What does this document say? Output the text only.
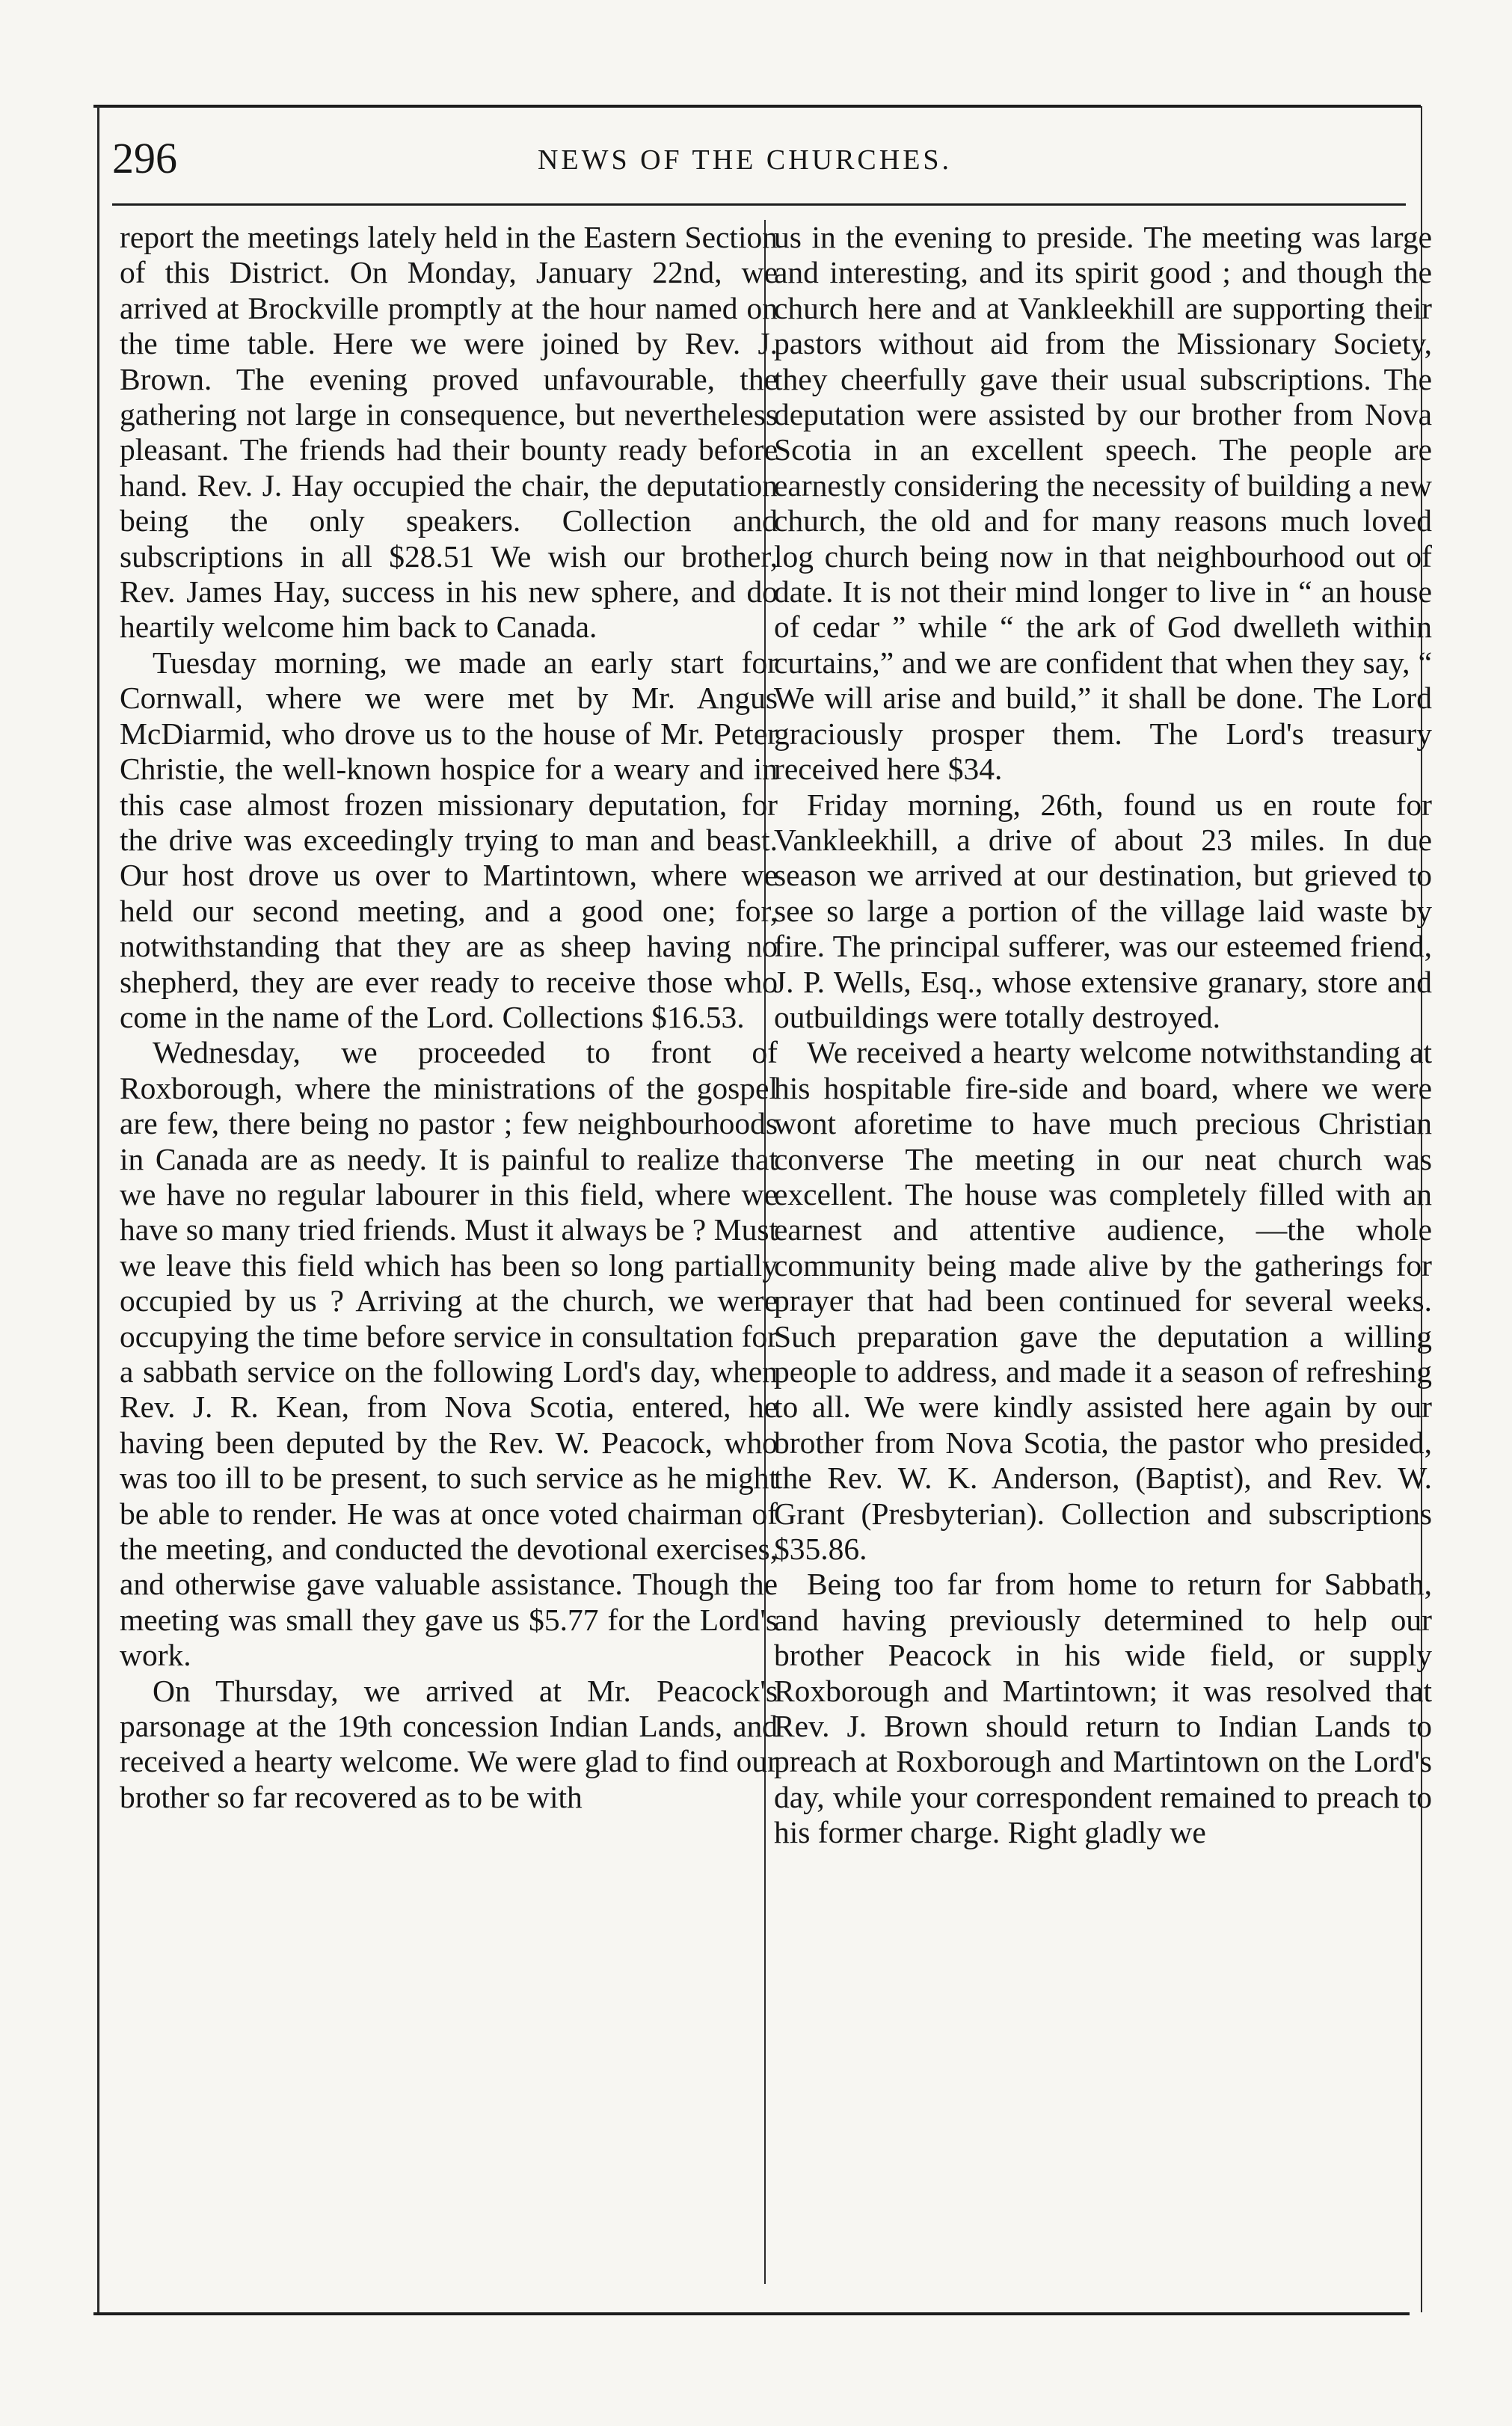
296	NEWS OF THE CHURCHES.

report the meetings lately held in the Eastern Section of this District. On Monday, January 22nd, we arrived at Brockville promptly at the hour named on the time table. Here we were joined by Rev. J. Brown. The evening proved unfavourable, the gathering not large in consequence, but nevertheless pleasant. The friends had their bounty ready before hand. Rev. J. Hay occupied the chair, the deputation being the only speakers. Collection and subscriptions in all $28.51 We wish our brother, Rev. James Hay, success in his new sphere, and do heartily welcome him back to Canada.

Tuesday morning, we made an early start for Cornwall, where we were met by Mr. Angus McDiarmid, who drove us to the house of Mr. Peter Christie, the well-known hospice for a weary and in this case almost frozen missionary deputation, for the drive was exceedingly trying to man and beast. Our host drove us over to Martintown, where we held our second meeting, and a good one; for, notwithstanding that they are as sheep having no shepherd, they are ever ready to receive those who come in the name of the Lord. Collections $16.53.

Wednesday, we proceeded to front of Roxborough, where the ministrations of the gospel are few, there being no pastor ; few neighbourhoods in Canada are as needy. It is painful to realize that we have no regular labourer in this field, where we have so many tried friends. Must it always be ? Must we leave this field which has been so long partially occupied by us ? Arriving at the church, we were occupying the time before service in consultation for a sabbath service on the following Lord's day, when Rev. J. R. Kean, from Nova Scotia, entered, he having been deputed by the Rev. W. Peacock, who was too ill to be present, to such service as he might be able to render. He was at once voted chairman of the meeting, and conducted the devotional exercises, and otherwise gave valuable assistance. Though the meeting was small they gave us $5.77 for the Lord's work.

On Thursday, we arrived at Mr. Peacock's parsonage at the 19th concession Indian Lands, and received a hearty welcome. We were glad to find our brother so far recovered as to be with

us in the evening to preside. The meeting was large and interesting, and its spirit good ; and though the church here and at Vankleekhill are supporting their pastors without aid from the Missionary Society, they cheerfully gave their usual subscriptions. The deputation were assisted by our brother from Nova Scotia in an excellent speech. The people are earnestly considering the necessity of building a new church, the old and for many reasons much loved log church being now in that neighbourhood out of date. It is not their mind longer to live in “ an house of cedar ” while “ the ark of God dwelleth within curtains,” and we are confident that when they say, “ We will arise and build,” it shall be done. The Lord graciously prosper them. The Lord's treasury received here $34.

Friday morning, 26th, found us en route for Vankleekhill, a drive of about 23 miles. In due season we arrived at our destination, but grieved to see so large a portion of the village laid waste by fire. The principal sufferer, was our esteemed friend, J. P. Wells, Esq., whose extensive granary, store and outbuildings were totally destroyed.

We received a hearty welcome notwithstanding at his hospitable fire-side and board, where we were wont aforetime to have much precious Christian converse The meeting in our neat church was excellent. The house was completely filled with an earnest and attentive audience, —the whole community being made alive by the gatherings for prayer that had been continued for several weeks. Such preparation gave the deputation a willing people to address, and made it a season of refreshing to all. We were kindly assisted here again by our brother from Nova Scotia, the pastor who presided, the Rev. W. K. Anderson, (Baptist), and Rev. W. Grant (Presbyterian). Collection and subscriptions $35.86.

Being too far from home to return for Sabbath, and having previously determined to help our brother Peacock in his wide field, or supply Roxborough and Martintown; it was resolved that Rev. J. Brown should return to Indian Lands to preach at Roxborough and Martintown on the Lord's day, while your correspondent remained to preach to his former charge. Right gladly we
